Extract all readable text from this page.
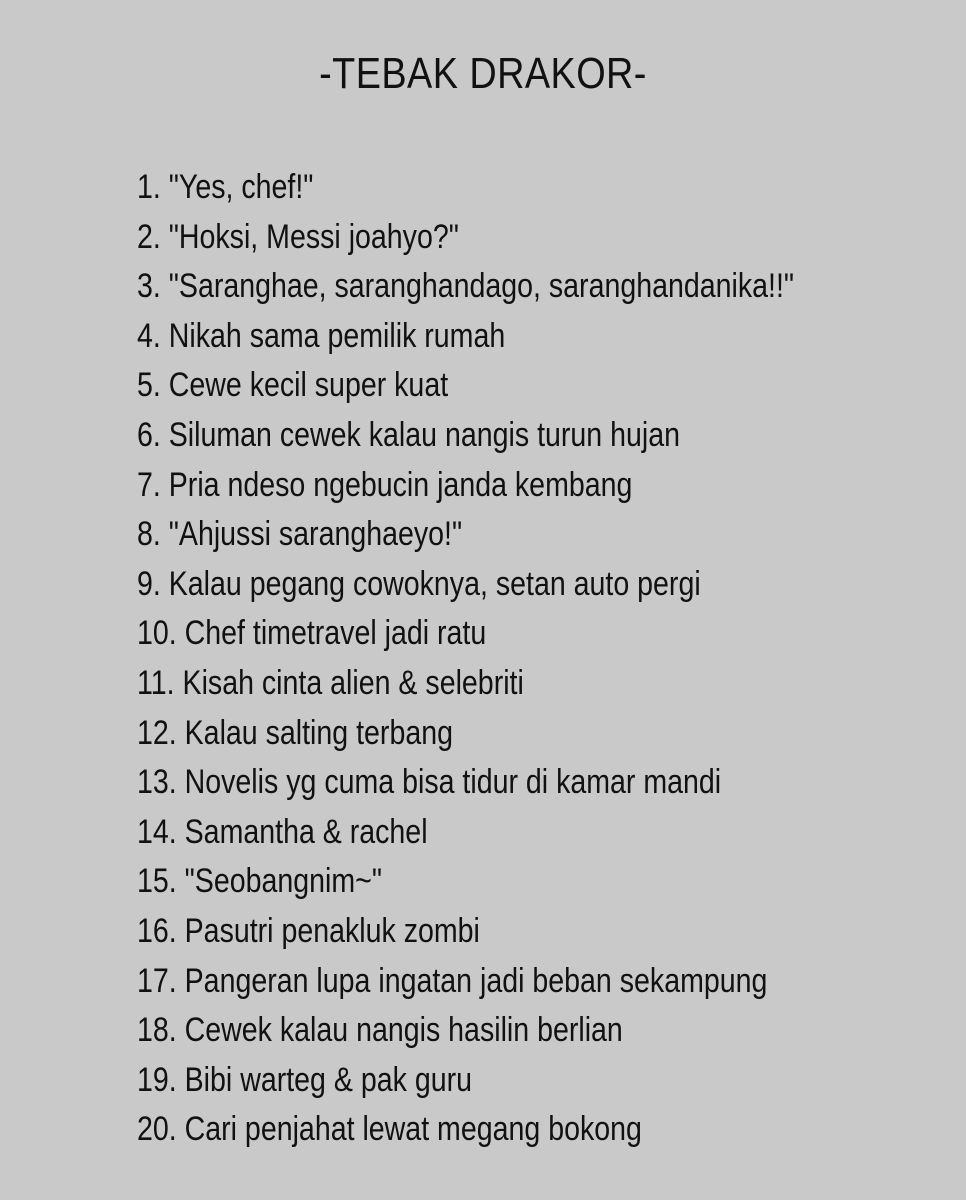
-TEBAK DRAKOR-
1. "Yes, chef!"
2. "Hoksi, Messi joahyo?"
3. "Saranghae, saranghandago, saranghandanika!!"
4. Nikah sama pemilik rumah
5. Cewe kecil super kuat
6. Siluman cewek kalau nangis turun hujan
7. Pria ndeso ngebucin janda kembang
8. "Ahjussi saranghaeyo!"
9. Kalau pegang cowoknya, setan auto pergi
10. Chef timetravel jadi ratu
11. Kisah cinta alien & selebriti
12. Kalau salting terbang
13. Novelis yg cuma bisa tidur di kamar mandi
14. Samantha & rachel
15. "Seobangnim~"
16. Pasutri penakluk zombi
17. Pangeran lupa ingatan jadi beban sekampung
18. Cewek kalau nangis hasilin berlian
19. Bibi warteg & pak guru
20. Cari penjahat lewat megang bokong
